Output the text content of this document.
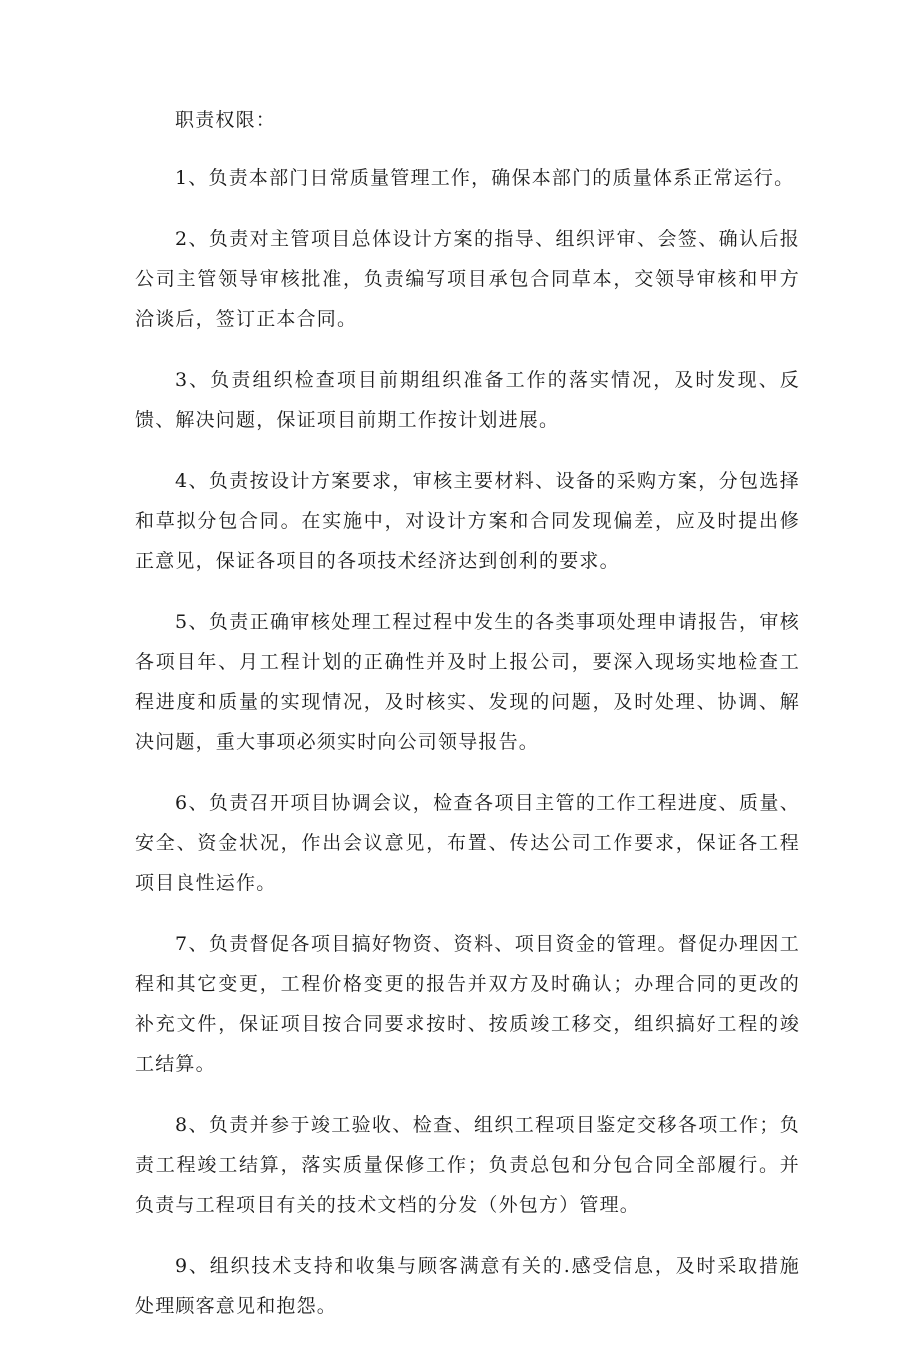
职责权限：

1、负责本部门日常质量管理工作，确保本部门的质量体系正常运行。

2、负责对主管项目总体设计方案的指导、组织评审、会签、确认后报公司主管领导审核批准，负责编写项目承包合同草本，交领导审核和甲方洽谈后，签订正本合同。

3、负责组织检查项目前期组织准备工作的落实情况，及时发现、反馈、解决问题，保证项目前期工作按计划进展。

4、负责按设计方案要求，审核主要材料、设备的采购方案，分包选择和草拟分包合同。在实施中，对设计方案和合同发现偏差，应及时提出修正意见，保证各项目的各项技术经济达到创利的要求。

5、负责正确审核处理工程过程中发生的各类事项处理申请报告，审核各项目年、月工程计划的正确性并及时上报公司，要深入现场实地检查工程进度和质量的实现情况，及时核实、发现的问题，及时处理、协调、解决问题，重大事项必须实时向公司领导报告。

6、负责召开项目协调会议，检查各项目主管的工作工程进度、质量、安全、资金状况，作出会议意见，布置、传达公司工作要求，保证各工程项目良性运作。

7、负责督促各项目搞好物资、资料、项目资金的管理。督促办理因工程和其它变更，工程价格变更的报告并双方及时确认；办理合同的更改的补充文件，保证项目按合同要求按时、按质竣工移交，组织搞好工程的竣工结算。

8、负责并参于竣工验收、检查、组织工程项目鉴定交移各项工作；负责工程竣工结算，落实质量保修工作；负责总包和分包合同全部履行。并负责与工程项目有关的技术文档的分发（外包方）管理。

9、组织技术支持和收集与顾客满意有关的.感受信息，及时采取措施处理顾客意见和抱怨。
